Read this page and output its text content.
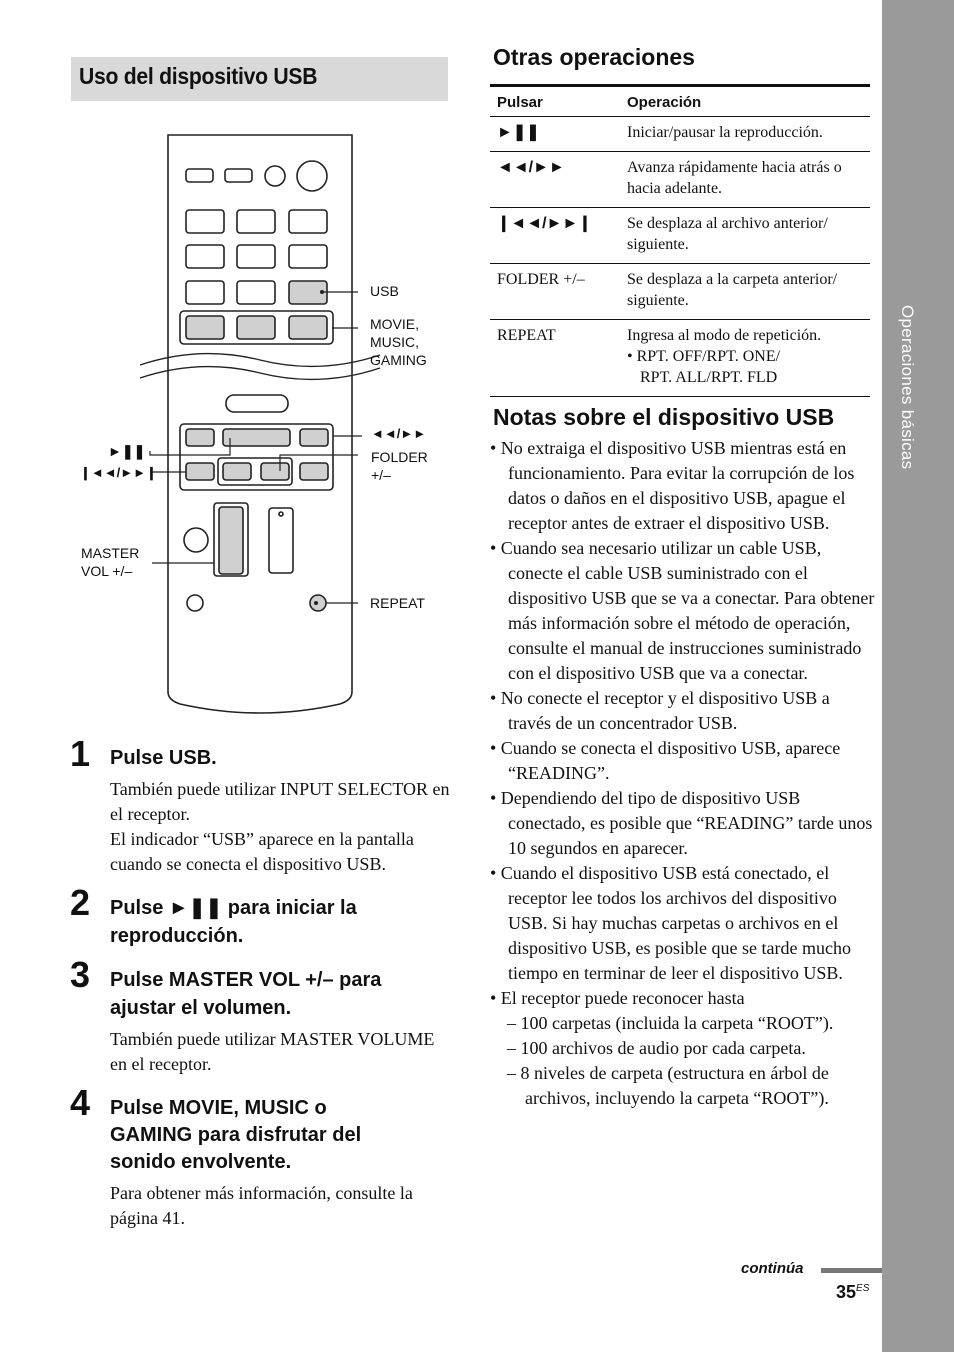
Operaciones básicas
Uso del dispositivo USB
USB
MOVIE,
MUSIC,
GAMING
◄◄/►►
FOLDER
+/–
►❚❚
❙◄◄/►►❙
MASTER
VOL +/–
REPEAT
1 Pulse USB.
También puede utilizar INPUT SELECTOR en el receptor.
El indicador “USB” aparece en la pantalla cuando se conecta el dispositivo USB.
2 Pulse ►❚❚ para iniciar la
reproducción.
3 Pulse MASTER VOL +/– para
ajustar el volumen.
También puede utilizar MASTER VOLUME en el receptor.
4 Pulse MOVIE, MUSIC o
GAMING para disfrutar del
sonido envolvente.
Para obtener más información, consulte la página 41.
Otras operaciones
Pulsar	Operación
►❚❚	Iniciar/pausar la reproducción.
◄◄/►►	Avanza rápidamente hacia atrás o hacia adelante.
❙◄◄/►►❙	Se desplaza al archivo anterior/ siguiente.
FOLDER +/–	Se desplaza a la carpeta anterior/ siguiente.
REPEAT	Ingresa al modo de repetición.
• RPT. OFF/RPT. ONE/
RPT. ALL/RPT. FLD
Notas sobre el dispositivo USB

• No extraiga el dispositivo USB mientras está en funcionamiento. Para evitar la corrupción de los datos o daños en el dispositivo USB, apague el receptor antes de extraer el dispositivo USB.

• Cuando sea necesario utilizar un cable USB, conecte el cable USB suministrado con el dispositivo USB que se va a conectar. Para obtener más información sobre el método de operación, consulte el manual de instrucciones suministrado con el dispositivo USB que va a conectar.

• No conecte el receptor y el dispositivo USB a través de un concentrador USB.

• Cuando se conecta el dispositivo USB, aparece “READING”.

• Dependiendo del tipo de dispositivo USB conectado, es posible que “READING” tarde unos 10 segundos en aparecer.

• Cuando el dispositivo USB está conectado, el receptor lee todos los archivos del dispositivo USB. Si hay muchas carpetas o archivos en el dispositivo USB, es posible que se tarde mucho tiempo en terminar de leer el dispositivo USB.

• El receptor puede reconocer hasta

– 100 carpetas (incluida la carpeta “ROOT”).

– 100 archivos de audio por cada carpeta.

– 8 niveles de carpeta (estructura en árbol de archivos, incluyendo la carpeta “ROOT”).

continúa
$35^{ES}$
